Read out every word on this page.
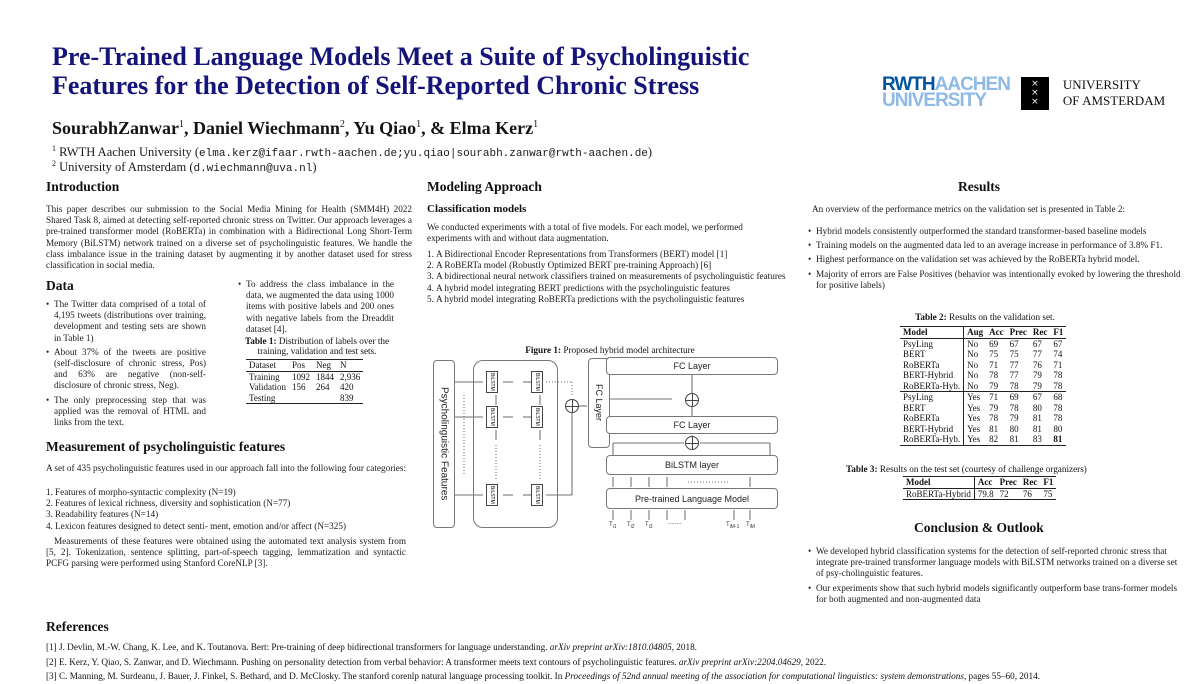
Pre-Trained Language Models Meet a Suite of Psycholinguistic
Features for the Detection of Self-Reported Chronic Stress
SourabhZanwar$^1$, Daniel Wiechmann$^2$, Yu Qiao$^1$, & Elma Kerz$^1$
$^1$ RWTH Aachen University (elma.kerz@ifaar.rwth-aachen.de;yu.qiao|sourabh.zanwar@rwth-aachen.de)
$^2$ University of Amsterdam (d.wiechmann@uva.nl)
RWTHAACHEN
UNIVERSITY
×
×
×
UNIVERSITY
OF AMSTERDAM
Introduction
This paper describes our submission to the Social Media Mining for Health (SMM4H) 2022 Shared Task 8, aimed at detecting self-reported chronic stress on Twitter. Our approach leverages a pre-trained transformer model (RoBERTa) in combination with a Bidirectional Long Short-Term Memory (BiLSTM) network trained on a diverse set of psycholinguistic features. We handle the class imbalance issue in the training dataset by augmenting it by another dataset used for stress classification in social media.
Data
• The Twitter data comprised of a total of 4,195 tweets (distributions over training, development and testing sets are shown in Table 1)
• About 37% of the tweets are positive (self-disclosure of chronic stress, Pos) and 63% are negative (non-self-disclosure of chronic stress, Neg).
• The only preprocessing step that was applied was the removal of HTML and links from the text.
• To address the class imbalance in the data, we augmented the data using 1000 items with positive labels and 200 ones with negative labels from the Dreaddit dataset [4].
Table 1: Distribution of labels over the training, validation and test sets.
Dataset	Pos	Neg	N
Training	1092	1844	2,936
Validation	156	264	420
Testing			839
Measurement of psycholinguistic features
A set of 435 psycholinguistic features used in our approach fall into the following four categories:
1. Features of morpho-syntactic complexity (N=19)
2. Features of lexical richness, diversity and sophistication (N=77)
3. Readability features (N=14)
4. Lexicon features designed to detect senti- ment, emotion and/or affect (N=325)
Measurements of these features were obtained using the automated text analysis system from [5, 2]. Tokenization, sentence splitting, part-of-speech tagging, lemmatization and syntactic PCFG parsing were performed using Stanford CoreNLP [3].
Modeling Approach
Classification models
We conducted experiments with a total of five models. For each model, we performed experiments with and without data augmentation.
1. A Bidirectional Encoder Representations from Transformers (BERT) model [1]
2. A RoBERTa model (Robustly Optimized BERT pre-training Approach) [6]
3. A bidirectional neural network classifiers trained on measurements of psycholinguistic features
4. A hybrid model integrating BERT predictions with the psycholinguistic features
5. A hybrid model integrating RoBERTa predictions with the psycholinguistic features
Figure 1: Proposed hybrid model architecture
Psycholinguistic Features
BiLSTM
BiLSTM
BiLSTM
BiLSTM
BiLSTM
BiLSTM
FC Layer
FC Layer
FC Layer
BiLSTM layer
Pre-trained Language Model
$T_{i1}$ $T_{i2}$ $T_{i3}$
........	$T_{iM-1}$ $T_{iM}$
Results
An overview of the performance metrics on the validation set is presented in Table 2:
• Hybrid models consistently outperformed the standard transformer-based baseline models
• Training models on the augmented data led to an average increase in performance of 3.8% F1.
• Highest performance on the validation set was achieved by the RoBERTa hybrid model.
• Majority of errors are False Positives (behavior was intentionally evoked by lowering the threshold for positive labels)
Table 2: Results on the validation set.
Model	Aug	Acc	Prec	Rec	F1
PsyLing	No	69	67	67	67
BERT	No	75	75	77	74
RoBERTa	No	71	77	76	71
BERT-Hybrid	No	78	77	79	78
RoBERTa-Hyb.	No	79	78	79	78
PsyLing	Yes	71	69	67	68
BERT	Yes	79	78	80	78
RoBERTa	Yes	78	79	81	78
BERT-Hybrid	Yes	81	80	81	80
RoBERTa-Hyb.	Yes	82	81	83	81
Table 3: Results on the test set (courtesy of challenge organizers)
Model	Acc	Prec	Rec	F1
RoBERTa-Hybrid	79.8	72	76	75
Conclusion & Outlook
• We developed hybrid classification systems for the detection of self-reported chronic stress that integrate pre-trained transformer language models with BiLSTM networks trained on a diverse set of psy-cholinguistic features.
• Our experiments show that such hybrid models significantly outperform base trans-former models for both augmented and non-augmented data
References
[1] J. Devlin, M.-W. Chang, K. Lee, and K. Toutanova. Bert: Pre-training of deep bidirectional transformers for language understanding. arXiv preprint arXiv:1810.04805, 2018.
[2] E. Kerz, Y. Qiao, S. Zanwar, and D. Wiechmann. Pushing on personality detection from verbal behavior: A transformer meets text contours of psycholinguistic features. arXiv preprint arXiv:2204.04629, 2022.
[3] C. Manning, M. Surdeanu, J. Bauer, J. Finkel, S. Bethard, and D. McClosky. The stanford corenlp natural language processing toolkit. In Proceedings of 52nd annual meeting of the association for computational linguistics: system demonstrations, pages 55–60, 2014.
